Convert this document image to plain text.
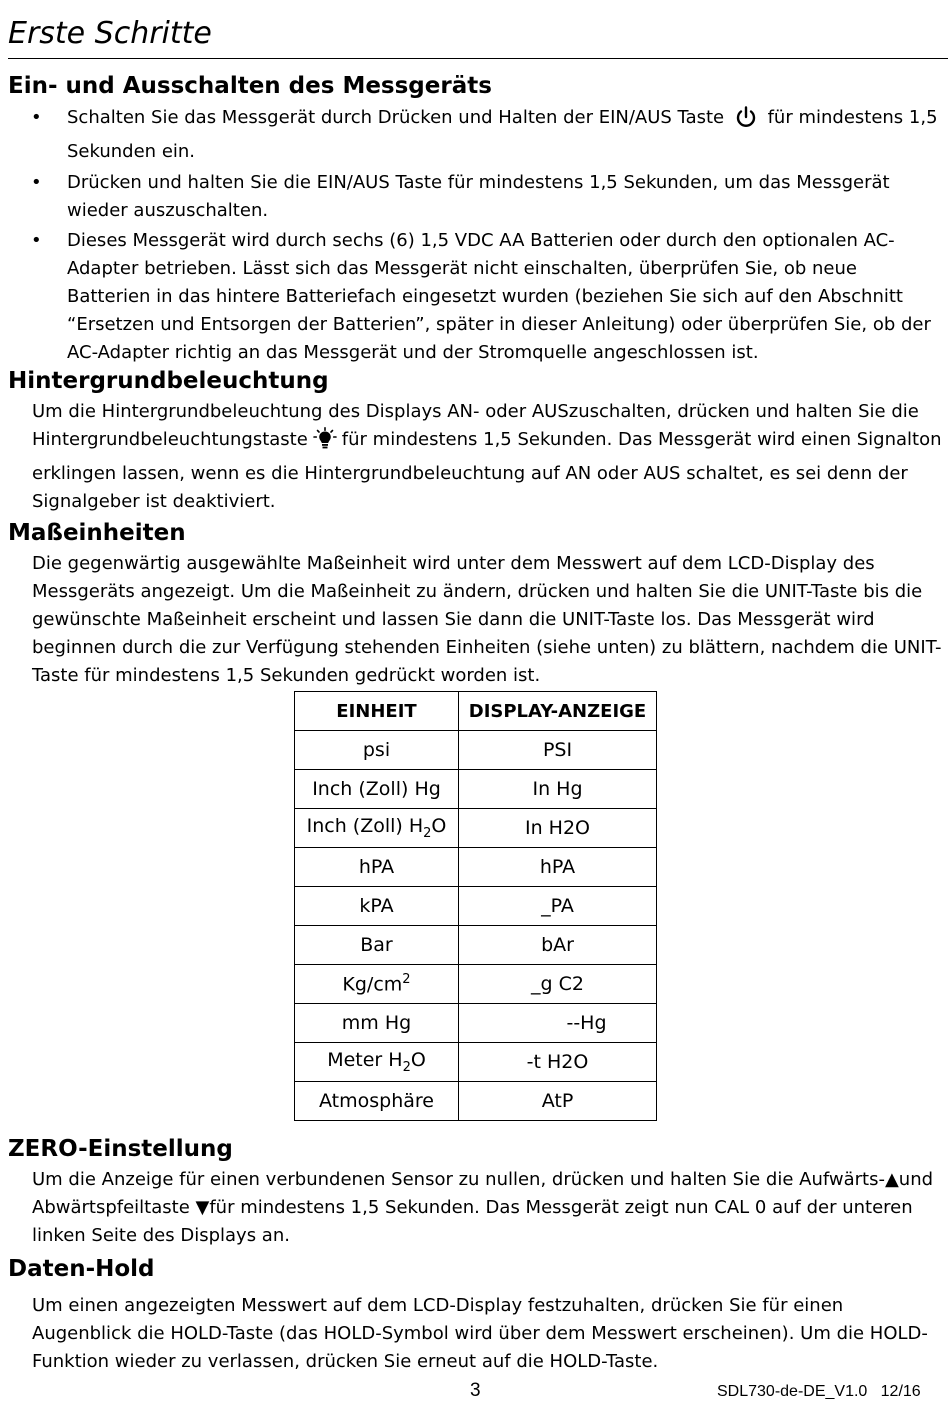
Erste Schritte
Ein- und Ausschalten des Messgeräts
• Schalten Sie das Messgerät durch Drücken und Halten der EIN/AUS Taste für mindestens 1,5 Sekunden ein.
• Drücken und halten Sie die EIN/AUS Taste für mindestens 1,5 Sekunden, um das Messgerät wieder auszuschalten.
• Dieses Messgerät wird durch sechs (6) 1,5 VDC AA Batterien oder durch den optionalen AC-Adapter betrieben. Lässt sich das Messgerät nicht einschalten, überprüfen Sie, ob neue Batterien in das hintere Batteriefach eingesetzt wurden (beziehen Sie sich auf den Abschnitt “Ersetzen und Entsorgen der Batterien”, später in dieser Anleitung) oder überprüfen Sie, ob der AC-Adapter richtig an das Messgerät und der Stromquelle angeschlossen ist.
Hintergrundbeleuchtung

Um die Hintergrundbeleuchtung des Displays AN- oder AUSzuschalten, drücken und halten Sie die Hintergrundbeleuchtungstaste für mindestens 1,5 Sekunden. Das Messgerät wird einen Signalton erklingen lassen, wenn es die Hintergrundbeleuchtung auf AN oder AUS schaltet, es sei denn der Signalgeber ist deaktiviert.

Maßeinheiten

Die gegenwärtig ausgewählte Maßeinheit wird unter dem Messwert auf dem LCD-Display des Messgeräts angezeigt. Um die Maßeinheit zu ändern, drücken und halten Sie die UNIT-Taste bis die gewünschte Maßeinheit erscheint und lassen Sie dann die UNIT-Taste los. Das Messgerät wird beginnen durch die zur Verfügung stehenden Einheiten (siehe unten) zu blättern, nachdem die UNIT-Taste für mindestens 1,5 Sekunden gedrückt worden ist.

EINHEIT	DISPLAY-ANZEIGE
psi	PSI
Inch (Zoll) Hg	In Hg
Inch (Zoll) $H_2O$	In H2O
hPA	hPA
kPA	_PA
Bar	bAr
$Kg/cm^2$	_g C2
mm Hg	--Hg
Meter $H_2O$	-t H2O
Atmosphäre	AtP
ZERO-Einstellung

Um die Anzeige für einen verbundenen Sensor zu nullen, drücken und halten Sie die Aufwärts-▲und Abwärtspfeiltaste ▼für mindestens 1,5 Sekunden. Das Messgerät zeigt nun CAL 0 auf der unteren linken Seite des Displays an.

Daten-Hold

Um einen angezeigten Messwert auf dem LCD-Display festzuhalten, drücken Sie für einen Augenblick die HOLD-Taste (das HOLD-Symbol wird über dem Messwert erscheinen). Um die HOLD-Funktion wieder zu verlassen, drücken Sie erneut auf die HOLD-Taste.

3	SDL730-de-DE_V1.0   12/16
